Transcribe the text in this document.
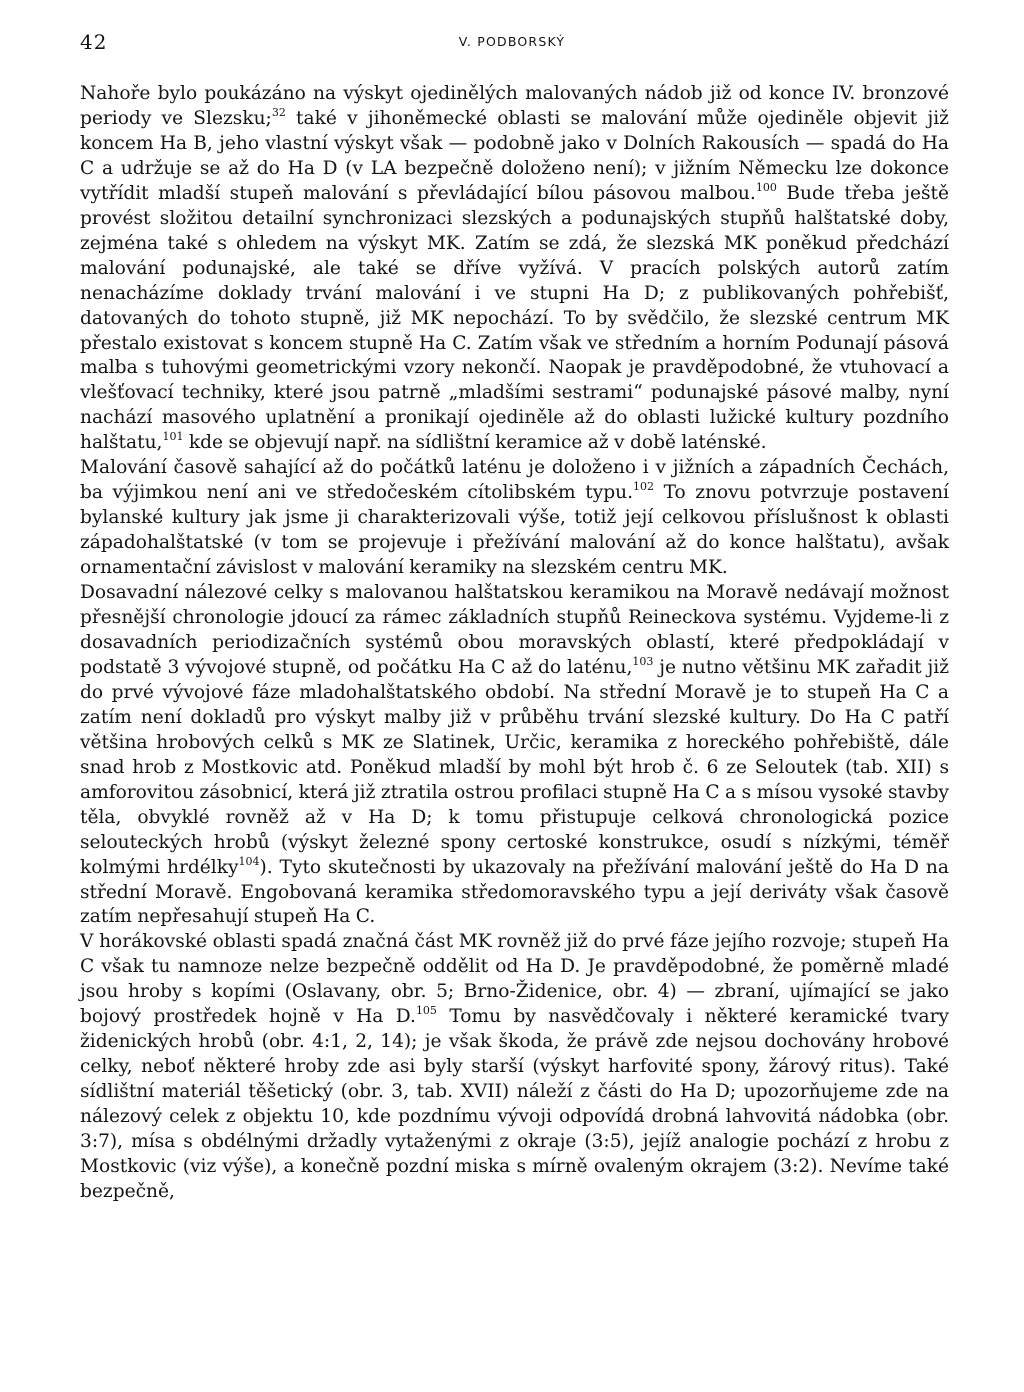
42	V. PODBORSKÝ

Nahoře bylo poukázáno na výskyt ojedinělých malovaných nádob již od konce IV. bronzové periody ve Slezsku;$^{32}$ také v jihoněmecké oblasti se malování může ojediněle objevit již koncem Ha B, jeho vlastní výskyt však — podobně jako v Dolních Rakousích — spadá do Ha C a udržuje se až do Ha D (v LA bezpečně doloženo není); v jižním Německu lze dokonce vytřídit mladší stupeň malování s převládající bílou pásovou malbou.$^{100}$ Bude třeba ještě provést složitou detailní synchronizaci slezských a podunajských stupňů halštatské doby, zejména také s ohledem na výskyt MK. Zatím se zdá, že slezská MK poněkud předchází malování podunajské, ale také se dříve vyžívá. V pracích polských autorů zatím nenacházíme doklady trvání malování i ve stupni Ha D; z publikovaných pohřebišť, datovaných do tohoto stupně, již MK nepochází. To by svědčilo, že slezské centrum MK přestalo existovat s koncem stupně Ha C. Zatím však ve středním a horním Podunají pásová malba s tuhovými geometrickými vzory nekončí. Naopak je pravděpodobné, že vtuhovací a vlešťovací techniky, které jsou patrně „mladšími sestrami“ podunajské pásové malby, nyní nachází masového uplatnění a pronikají ojediněle až do oblasti lužické kultury pozdního halštatu,$^{101}$ kde se objevují např. na sídlištní keramice až v době laténské.

Malování časově sahající až do počátků laténu je doloženo i v jižních a západních Čechách, ba výjimkou není ani ve středočeském cítolibském typu.$^{102}$ To znovu potvrzuje postavení bylanské kultury jak jsme ji charakterizovali výše, totiž její celkovou příslušnost k oblasti západohalštatské (v tom se projevuje i přežívání malování až do konce halštatu), avšak ornamentační závislost v malování keramiky na slezském centru MK.

Dosavadní nálezové celky s malovanou halštatskou keramikou na Moravě nedávají možnost přesnější chronologie jdoucí za rámec základních stupňů Reineckova systému. Vyjdeme-li z dosavadních periodizačních systémů obou moravských oblastí, které předpokládají v podstatě 3 vývojové stupně, od počátku Ha C až do laténu,$^{103}$ je nutno většinu MK zařadit již do prvé vývojové fáze mladohalštatského období. Na střední Moravě je to stupeň Ha C a zatím není dokladů pro výskyt malby již v průběhu trvání slezské kultury. Do Ha C patří většina hrobových celků s MK ze Slatinek, Určic, keramika z horeckého pohřebiště, dále snad hrob z Mostkovic atd. Poněkud mladší by mohl být hrob č. 6 ze Seloutek (tab. XII) s amforovitou zásobnicí, která již ztratila ostrou profilaci stupně Ha C a s mísou vysoké stavby těla, obvyklé rovněž až v Ha D; k tomu přistupuje celková chronologická pozice selouteckých hrobů (výskyt železné spony certoské konstrukce, osudí s nízkými, téměř kolmými hrdélky$^{104}$). Tyto skutečnosti by ukazovaly na přežívání malování ještě do Ha D na střední Moravě. Engobovaná keramika středomoravského typu a její deriváty však časově zatím nepřesahují stupeň Ha C.

V horákovské oblasti spadá značná část MK rovněž již do prvé fáze jejího rozvoje; stupeň Ha C však tu namnoze nelze bezpečně oddělit od Ha D. Je pravděpodobné, že poměrně mladé jsou hroby s kopími (Oslavany, obr. 5; Brno-Židenice, obr. 4) — zbraní, ujímající se jako bojový prostředek hojně v Ha D.$^{105}$ Tomu by nasvědčovaly i některé keramické tvary židenických hrobů (obr. 4:1, 2, 14); je však škoda, že právě zde nejsou dochovány hrobové celky, neboť některé hroby zde asi byly starší (výskyt harfovité spony, žárový ritus). Také sídlištní materiál těšetický (obr. 3, tab. XVII) náleží z části do Ha D; upozorňujeme zde na nálezový celek z objektu 10, kde pozdnímu vývoji odpovídá drobná lahvovitá nádobka (obr. 3:7), mísa s obdélnými držadly vytaženými z okraje (3:5), jejíž analogie pochází z hrobu z Mostkovic (viz výše), a konečně pozdní miska s mírně ovaleným okrajem (3:2). Nevíme také bezpečně,
